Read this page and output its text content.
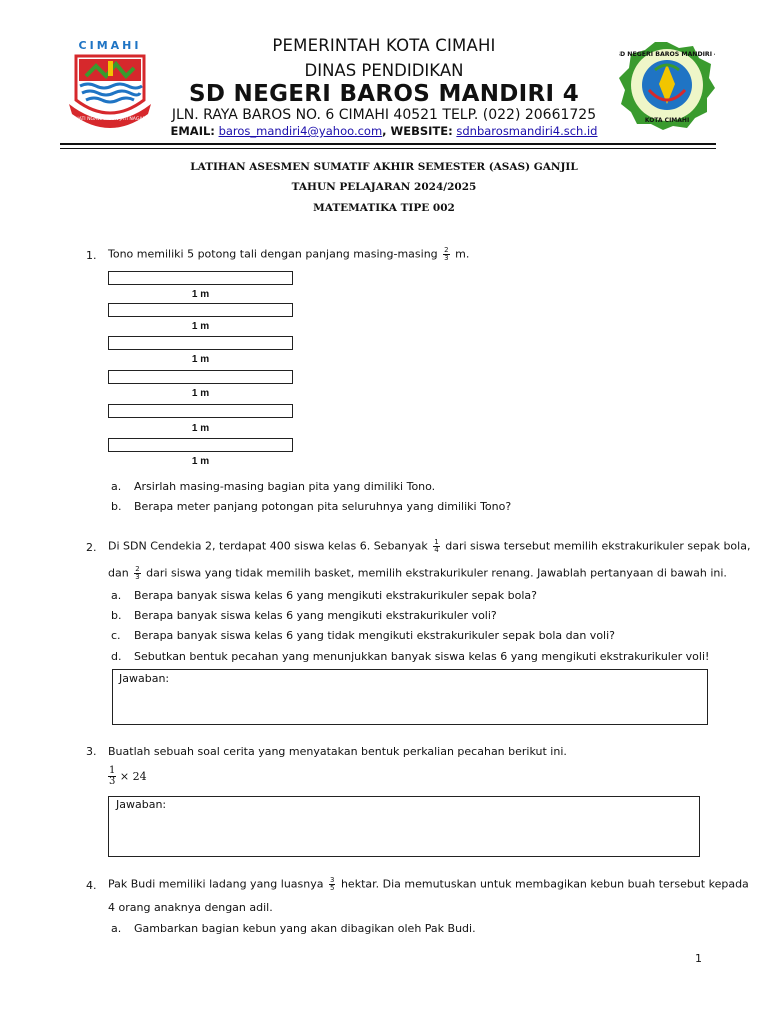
CIMAHI
SAJATI NGAWANGUN JATI NAGARA
PEMERINTAH KOTA CIMAHI
DINAS PENDIDIKAN
SD NEGERI BAROS MANDIRI 4
JLN. RAYA BAROS NO. 6 CIMAHI 40521 TELP. (022) 20661725
EMAIL: baros_mandiri4@yahoo.com, WEBSITE: sdnbarosmandiri4.sch.id
SD NEGERI BAROS MANDIRI 4
KOTA CIMAHI
LATIHAN ASESMEN SUMATIF AKHIR SEMESTER (ASAS) GANJIL
TAHUN PELAJARAN 2024/2025
MATEMATIKA TIPE 002
1. Tono memiliki 5 potong tali dengan panjang $masing-masing \frac{2}{3} m$.
1 m
1 m
1 m
1 m
1 m
1 m
a. Arsirlah masing-masing bagian pita yang dimiliki Tono.
b. Berapa meter panjang potongan pita seluruhnya yang dimiliki Tono?
2. Di SDN Cendekia 2, terdapat 400 siswa kelas 6. Sebanyak $\frac{1}{4}$ dari siswa tersebut memilih ekstrakurikuler sepak bola,
dan $\frac{2}{3}$ dari siswa yang tidak memilih basket, memilih ekstrakurikuler renang. Jawablah pertanyaan di bawah ini.
a. Berapa banyak siswa kelas 6 yang mengikuti ekstrakurikuler sepak bola?
b. Berapa banyak siswa kelas 6 yang mengikuti ekstrakurikuler voli?
c. Berapa banyak siswa kelas 6 yang tidak mengikuti ekstrakurikuler sepak bola dan voli?
d. Sebutkan bentuk pecahan yang menunjukkan banyak siswa kelas 6 yang mengikuti ekstrakurikuler voli!
Jawaban:
3. Buatlah sebuah soal cerita yang menyatakan bentuk perkalian pecahan berikut ini.
$\frac{1}{3} \times 24$
Jawaban:
4. Pak Budi memiliki ladang yang luasnya $\frac{3}{5}$ hektar. Dia memutuskan untuk membagikan kebun buah tersebut kepada
4 orang anaknya dengan adil.
a. Gambarkan bagian kebun yang akan dibagikan oleh Pak Budi.
1
